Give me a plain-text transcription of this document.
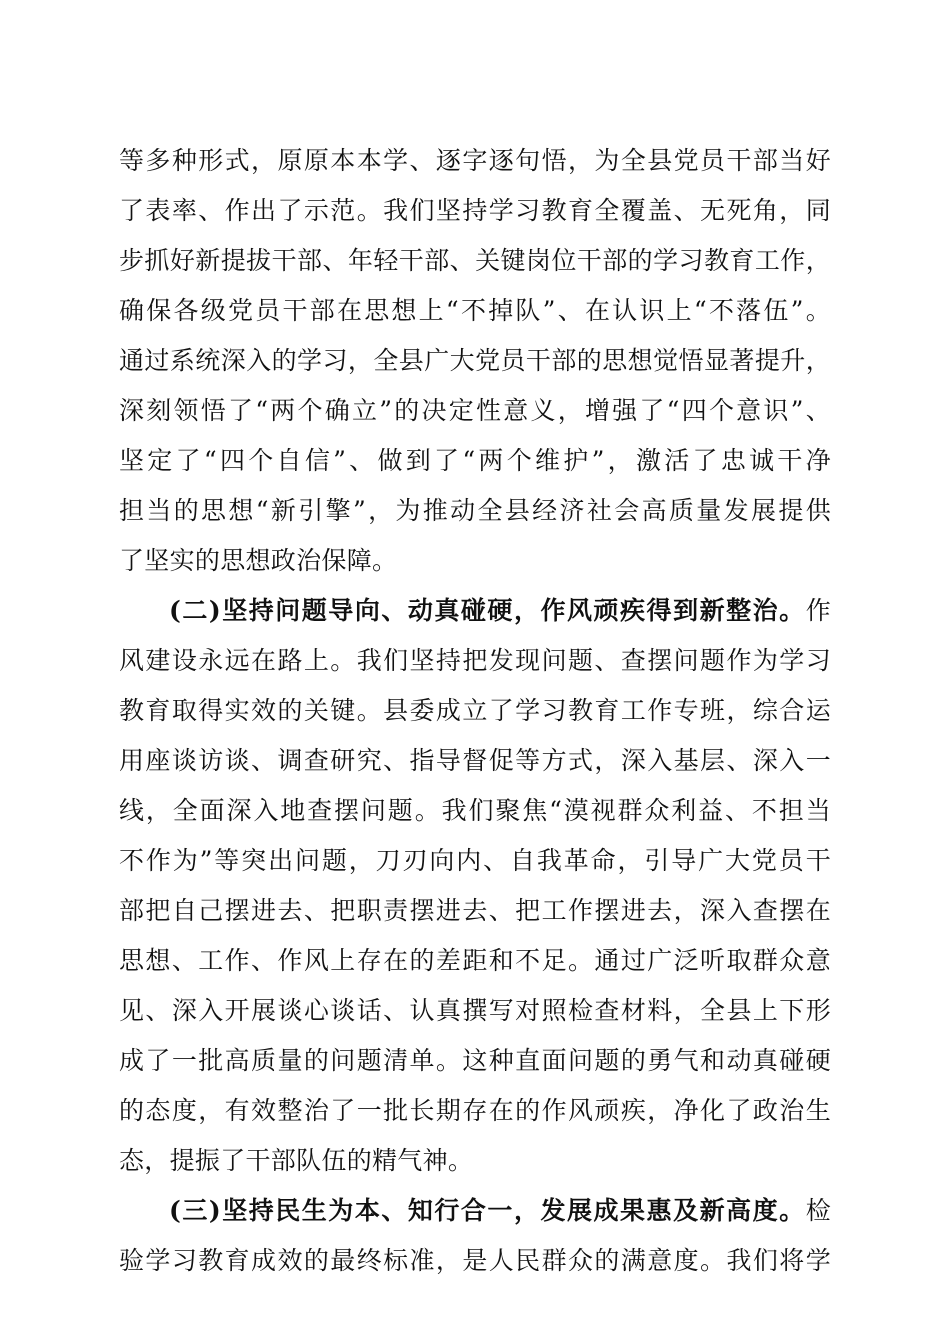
等多种形式，原原本本学、逐字逐句悟，为全县党员干部当好
了表率、作出了示范。我们坚持学习教育全覆盖、无死角，同
步抓好新提拔干部、年轻干部、关键岗位干部的学习教育工作，
确保各级党员干部在思想上“不掉队”、在认识上“不落伍”。
通过系统深入的学习，全县广大党员干部的思想觉悟显著提升，
深刻领悟了“两个确立”的决定性意义，增强了“四个意识”、
坚定了“四个自信”、做到了“两个维护”，激活了忠诚干净
担当的思想“新引擎”，为推动全县经济社会高质量发展提供
了坚实的思想政治保障。
(二)坚持问题导向、动真碰硬，作风顽疾得到新整治。作
风建设永远在路上。我们坚持把发现问题、查摆问题作为学习
教育取得实效的关键。县委成立了学习教育工作专班，综合运
用座谈访谈、调查研究、指导督促等方式，深入基层、深入一
线，全面深入地查摆问题。我们聚焦“漠视群众利益、不担当
不作为”等突出问题，刀刃向内、自我革命，引导广大党员干
部把自己摆进去、把职责摆进去、把工作摆进去，深入查摆在
思想、工作、作风上存在的差距和不足。通过广泛听取群众意
见、深入开展谈心谈话、认真撰写对照检查材料，全县上下形
成了一批高质量的问题清单。这种直面问题的勇气和动真碰硬
的态度，有效整治了一批长期存在的作风顽疾，净化了政治生
态，提振了干部队伍的精气神。
(三)坚持民生为本、知行合一，发展成果惠及新高度。检
验学习教育成效的最终标准，是人民群众的满意度。我们将学
